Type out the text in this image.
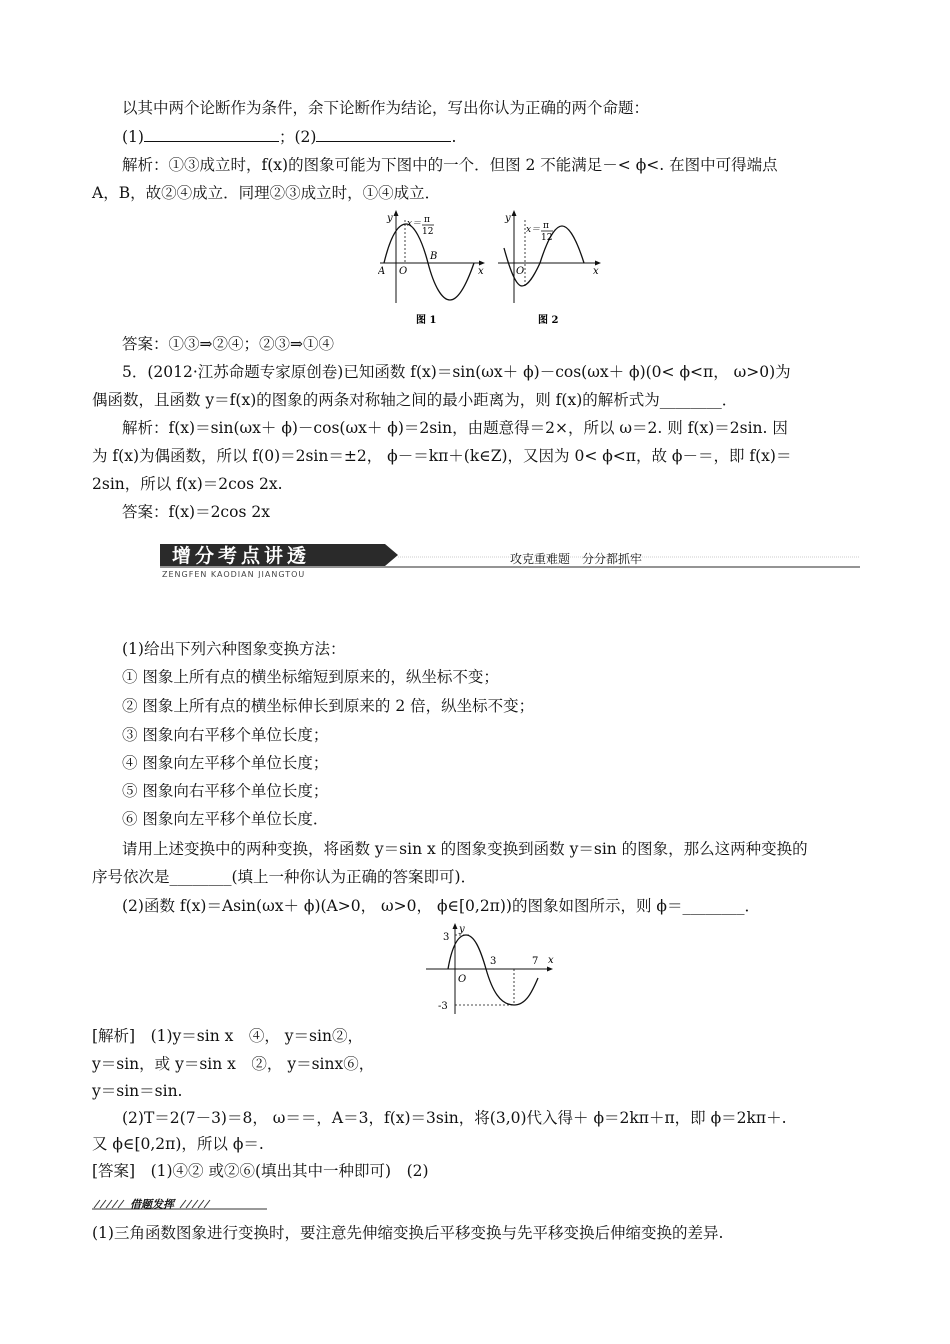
以其中两个论断作为条件，余下论断作为结论，写出你认为正确的两个命题：
(1)	；(2)	.
解析：①③成立时，f(x)的图象可能为下图中的一个．但图 2 不能满足－< ϕ<. 在图中可得端点
A，B，故②④成立．同理②③成立时，①④成立．
y
x
x＝ π
12
A O
B
图 1
y
x
x＝ π
12
O
图 2
答案：①③⇒②④；②③⇒①④
5．(2012·江苏命题专家原创卷)已知函数 f(x)＝sin(ωx＋ ϕ)－cos(ωx＋ ϕ)(0< ϕ<π， ω>0)为
偶函数，且函数 y＝f(x)的图象的两条对称轴之间的最小距离为，则 f(x)的解析式为________．
解析：f(x)＝sin(ωx＋ ϕ)－cos(ωx＋ ϕ)＝2sin，由题意得＝2×，所以 ω＝2. 则 f(x)＝2sin. 因
为 f(x)为偶函数，所以 f(0)＝2sin＝±2， ϕ－＝kπ＋(k∈Z)，又因为 0< ϕ<π，故 ϕ－＝，即 f(x)＝
2sin，所以 f(x)＝2cos 2x.
答案：f(x)＝2cos 2x
增分考点讲透
ZENGFEN KAODIAN JIANGTOU
攻克重难题　分分都抓牢
(1)给出下列六种图象变换方法：
① 图象上所有点的横坐标缩短到原来的，纵坐标不变；
② 图象上所有点的横坐标伸长到原来的 2 倍，纵坐标不变；
③ 图象向右平移个单位长度；
④ 图象向左平移个单位长度；
⑤ 图象向右平移个单位长度；
⑥ 图象向左平移个单位长度．
请用上述变换中的两种变换，将函数 y＝sin x 的图象变换到函数 y＝sin 的图象，那么这两种变换的
序号依次是________(填上一种你认为正确的答案即可)．
(2)函数 f(x)＝Asin(ωx＋ ϕ)(A>0， ω>0， ϕ∈[0,2π))的图象如图所示，则 ϕ＝________．
y
x
3
-3
3	7
O
[解析]　(1)y＝sin x　④， y＝sin②，
y＝sin，或 y＝sin x　②， y＝sinx⑥，
y＝sin＝sin.
(2)T＝2(7－3)＝8， ω＝＝，A＝3，f(x)＝3sin，将(3,0)代入得＋ ϕ＝2kπ＋π，即 ϕ＝2kπ＋.
又 ϕ∈[0,2π)，所以 ϕ＝.
[答案]　(1)④② 或②⑥(填出其中一种即可)　(2)
借题发挥
(1)三角函数图象进行变换时，要注意先伸缩变换后平移变换与先平移变换后伸缩变换的差异.
